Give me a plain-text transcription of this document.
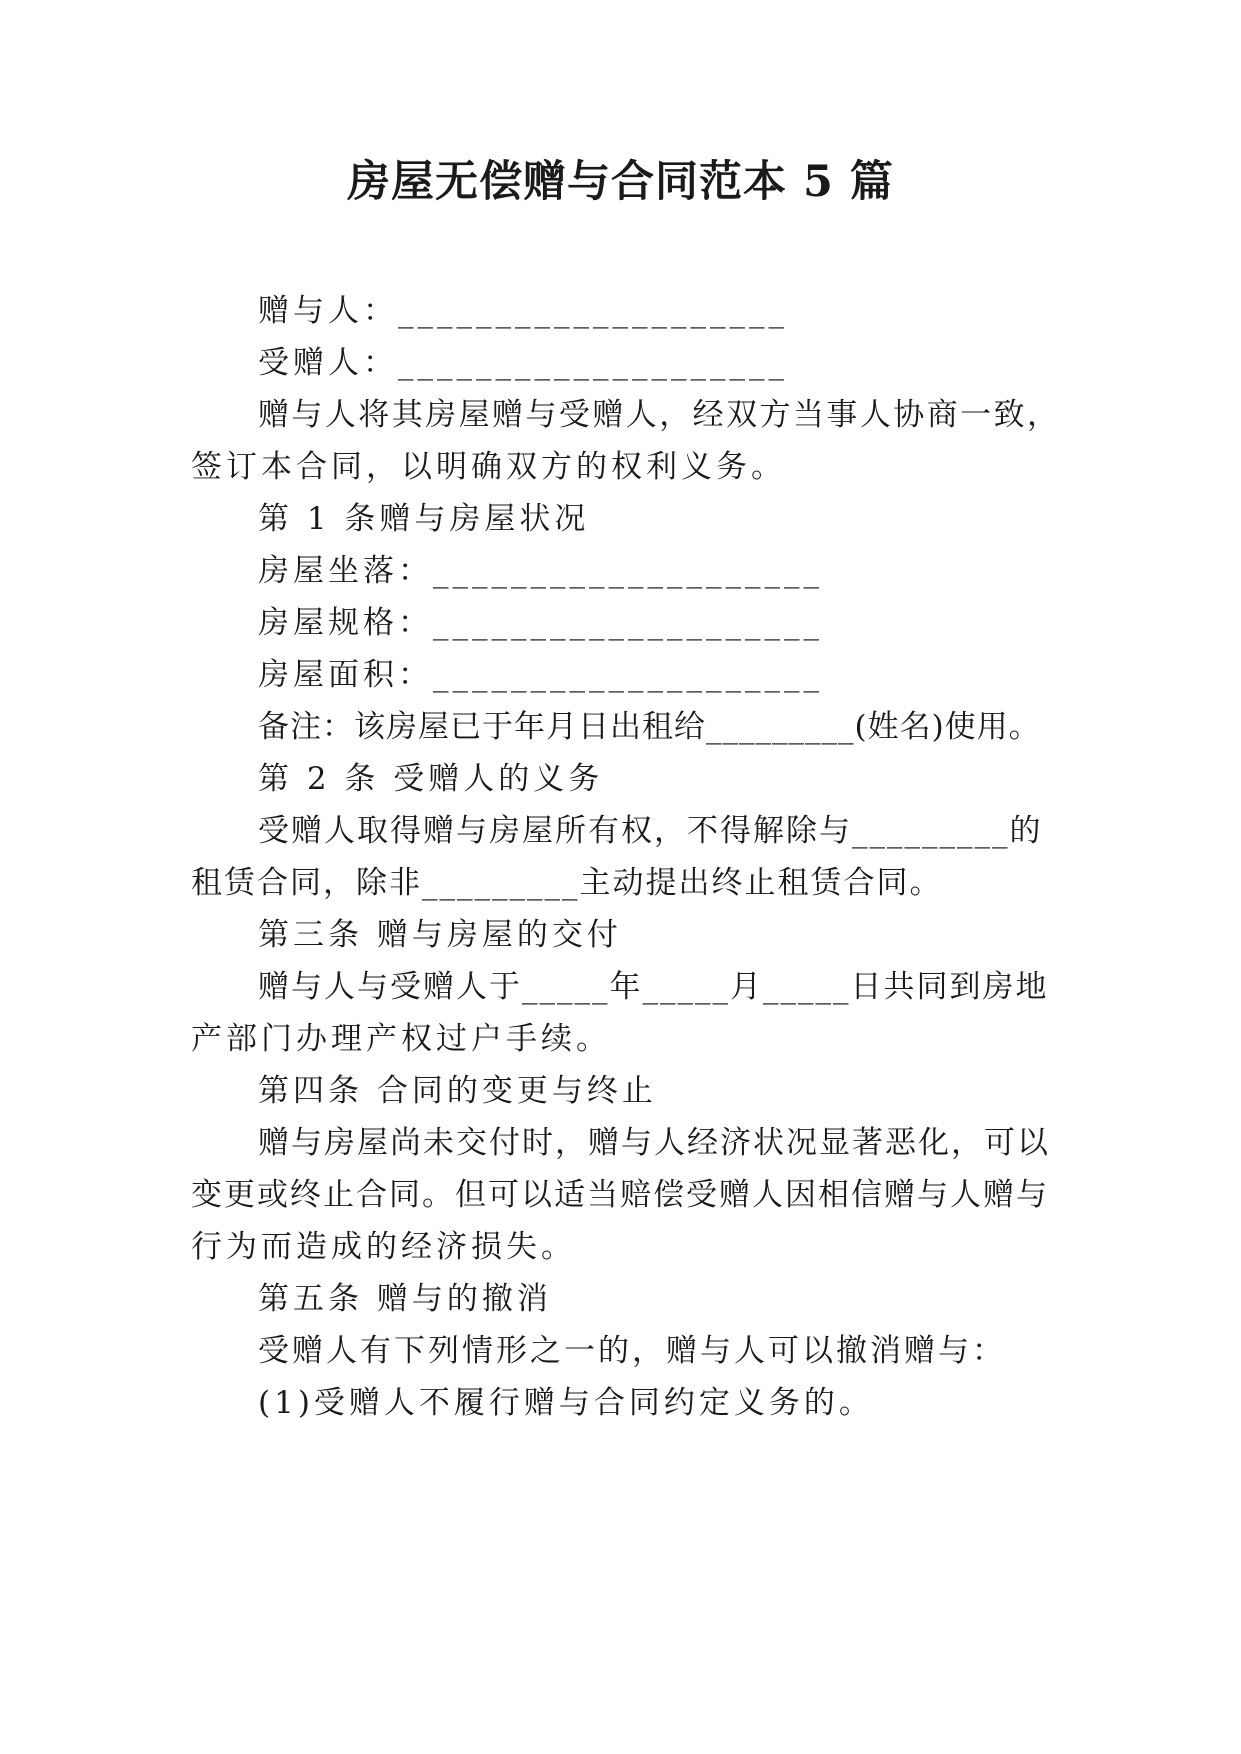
房屋无偿赠与合同范本 5 篇
赠与人：____________________
受赠人：____________________
赠与人将其房屋赠与受赠人，经双方当事人协商一致，
签订本合同，以明确双方的权利义务。
第 1 条赠与房屋状况
房屋坐落：____________________
房屋规格：____________________
房屋面积：____________________
备注：该房屋已于年月日出租给_________(姓名)使用。
第 2 条 受赠人的义务
受赠人取得赠与房屋所有权，不得解除与_________的
租赁合同，除非_________主动提出终止租赁合同。
第三条 赠与房屋的交付
赠与人与受赠人于_____年_____月_____日共同到房地
产部门办理产权过户手续。
第四条 合同的变更与终止
赠与房屋尚未交付时，赠与人经济状况显著恶化，可以
变更或终止合同。但可以适当赔偿受赠人因相信赠与人赠与
行为而造成的经济损失。
第五条 赠与的撤消
受赠人有下列情形之一的，赠与人可以撤消赠与：
(1)受赠人不履行赠与合同约定义务的。
